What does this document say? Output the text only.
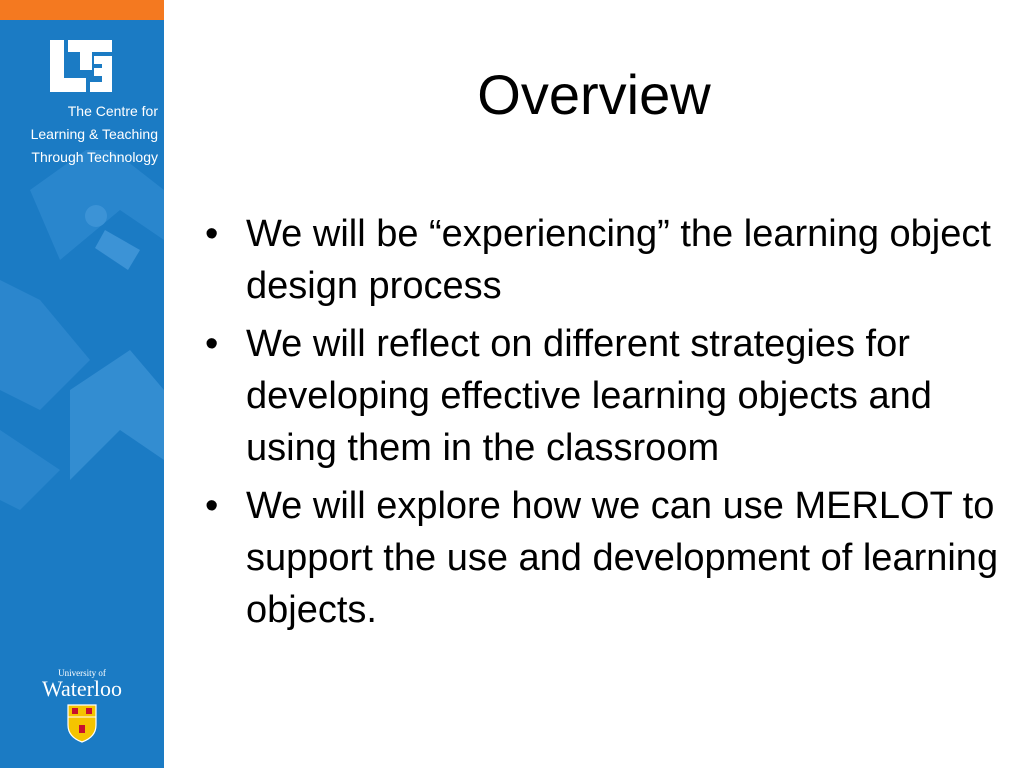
The Centre for
Learning & Teaching
Through Technology
University of
Waterloo
Overview
• We will be “experiencing” the learning object design process
• We will reflect on different strategies for developing effective learning objects and using them in the classroom
• We will explore how we can use MERLOT to support the use and development of learning objects.
